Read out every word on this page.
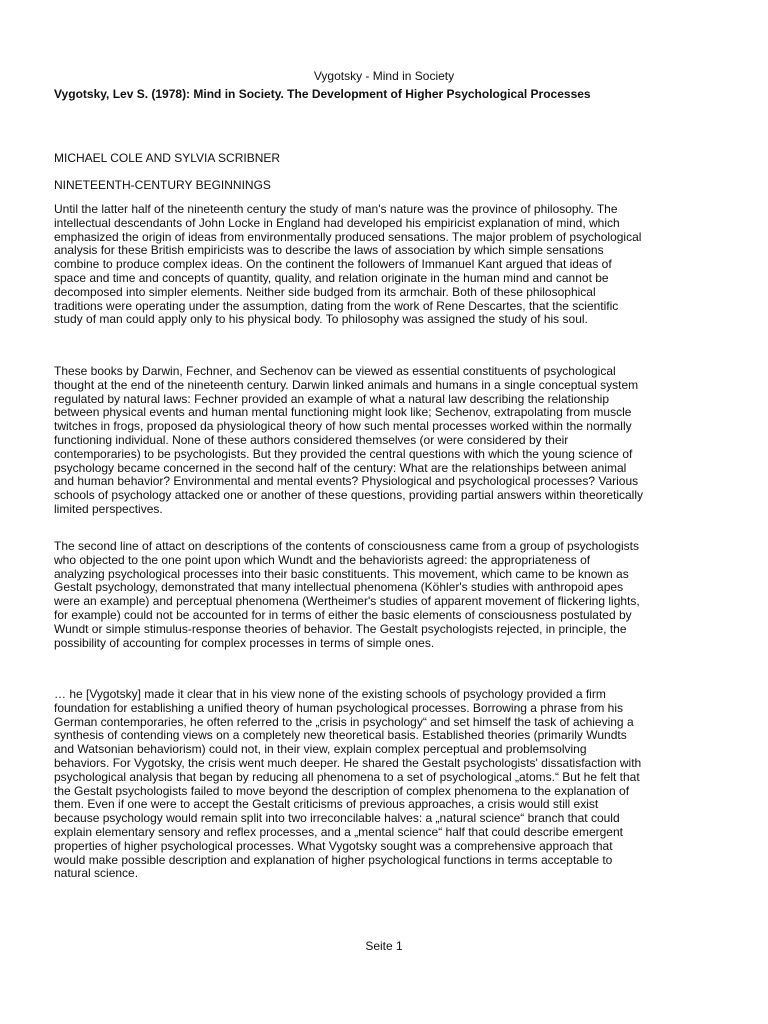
Vygotsky - Mind in Society
Vygotsky, Lev S. (1978): Mind in Society. The Development of Higher Psychological Processes
MICHAEL COLE AND SYLVIA SCRIBNER
NINETEENTH-CENTURY BEGINNINGS

Until the latter half of the nineteenth century the study of man's nature was the province of philosophy. The intellectual descendants of John Locke in England had developed his empiricist explanation of mind, which emphasized the origin of ideas from environmentally produced sensations. The major problem of psychological analysis for these British empiricists was to describe the laws of association by which simple sensations combine to produce complex ideas. On the continent the followers of Immanuel Kant argued that ideas of space and time and concepts of quantity, quality, and relation originate in the human mind and cannot be decomposed into simpler elements. Neither side budged from its armchair. Both of these philosophical traditions were operating under the assumption, dating from the work of Rene Descartes, that the scientific study of man could apply only to his physical body. To philosophy was assigned the study of his soul.

These books by Darwin, Fechner, and Sechenov can be viewed as essential constituents of psychological thought at the end of the nineteenth century. Darwin linked animals and humans in a single conceptual system regulated by natural laws: Fechner provided an example of what a natural law describing the relationship between physical events and human mental functioning might look like; Sechenov, extrapolating from muscle twitches in frogs, proposed da physiological theory of how such mental processes worked within the normally functioning individual. None of these authors considered themselves (or were considered by their contemporaries) to be psychologists. But they provided the central questions with which the young science of psychology became concerned in the second half of the century: What are the relationships between animal and human behavior? Environmental and mental events? Physiological and psychological processes? Various schools of psychology attacked one or another of these questions, providing partial answers within theoretically limited perspectives.

The second line of attact on descriptions of the contents of consciousness came from a group of psychologists who objected to the one point upon which Wundt and the behaviorists agreed: the appropriateness of analyzing psychological processes into their basic constituents. This movement, which came to be known as Gestalt psychology, demonstrated that many intellectual phenomena (Köhler's studies with anthropoid apes were an example) and perceptual phenomena (Wertheimer's studies of apparent movement of flickering lights, for example) could not be accounted for in terms of either the basic elements of consciousness postulated by Wundt or simple stimulus-response theories of behavior. The Gestalt psychologists rejected, in principle, the possibility of accounting for complex processes in terms of simple ones.

… he [Vygotsky] made it clear that in his view none of the existing schools of psychology provided a firm foundation for establishing a unified theory of human psychological processes. Borrowing a phrase from his German contemporaries, he often referred to the „crisis in psychology“ and set himself the task of achieving a synthesis of contending views on a completely new theoretical basis. Established theories (primarily Wundts and Watsonian behaviorism) could not, in their view, explain complex perceptual and problemsolving behaviors. For Vygotsky, the crisis went much deeper. He shared the Gestalt psychologists' dissatisfaction with psychological analysis that began by reducing all phenomena to a set of psychological „atoms.“ But he felt that the Gestalt psychologists failed to move beyond the description of complex phenomena to the explanation of them. Even if one were to accept the Gestalt criticisms of previous approaches, a crisis would still exist because psychology would remain split into two irreconcilable halves: a „natural science“ branch that could explain elementary sensory and reflex processes, and a „mental science“ half that could describe emergent properties of higher psychological processes. What Vygotsky sought was a comprehensive approach that would make possible description and explanation of higher psychological functions in terms acceptable to natural science.

Seite 1
